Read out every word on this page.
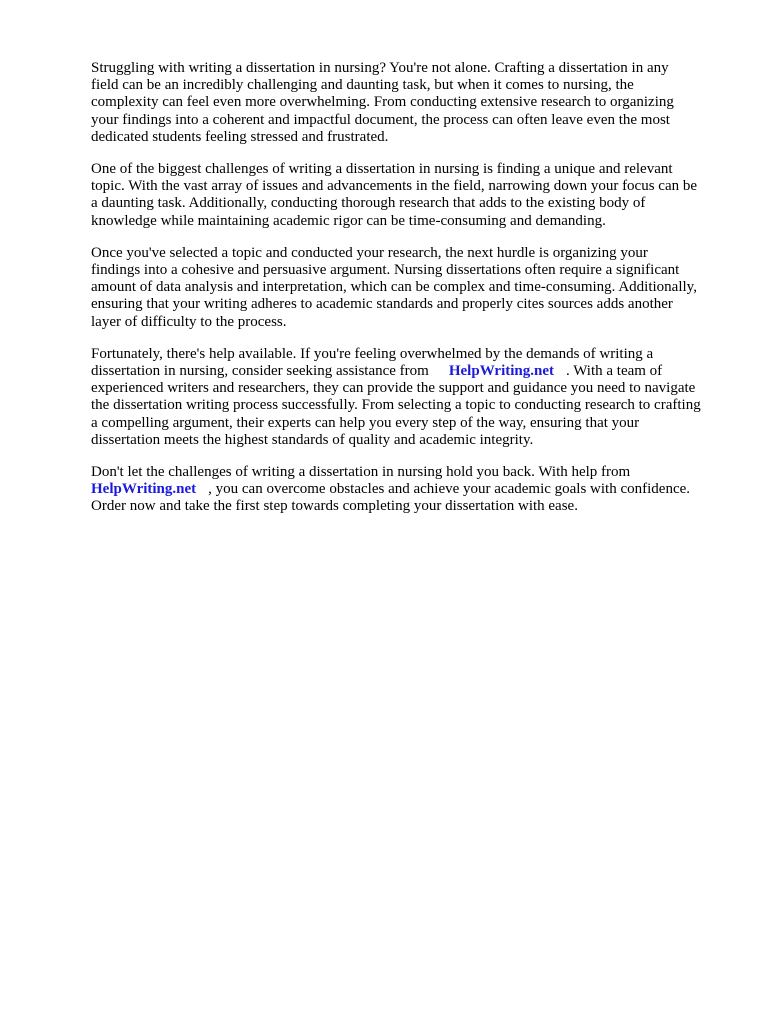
Struggling with writing a dissertation in nursing? You're not alone. Crafting a dissertation in any
field can be an incredibly challenging and daunting task, but when it comes to nursing, the
complexity can feel even more overwhelming. From conducting extensive research to organizing
your findings into a coherent and impactful document, the process can often leave even the most
dedicated students feeling stressed and frustrated.

One of the biggest challenges of writing a dissertation in nursing is finding a unique and relevant
topic. With the vast array of issues and advancements in the field, narrowing down your focus can be
a daunting task. Additionally, conducting thorough research that adds to the existing body of
knowledge while maintaining academic rigor can be time-consuming and demanding.

Once you've selected a topic and conducted your research, the next hurdle is organizing your
findings into a cohesive and persuasive argument. Nursing dissertations often require a significant
amount of data analysis and interpretation, which can be complex and time-consuming. Additionally,
ensuring that your writing adheres to academic standards and properly cites sources adds another
layer of difficulty to the process.

Fortunately, there's help available. If you're feeling overwhelmed by the demands of writing a
dissertation in nursing, consider seeking assistance from HelpWriting.net . With a team of
experienced writers and researchers, they can provide the support and guidance you need to navigate
the dissertation writing process successfully. From selecting a topic to conducting research to crafting
a compelling argument, their experts can help you every step of the way, ensuring that your
dissertation meets the highest standards of quality and academic integrity.

Don't let the challenges of writing a dissertation in nursing hold you back. With help from
HelpWriting.net , you can overcome obstacles and achieve your academic goals with confidence.
Order now and take the first step towards completing your dissertation with ease.
